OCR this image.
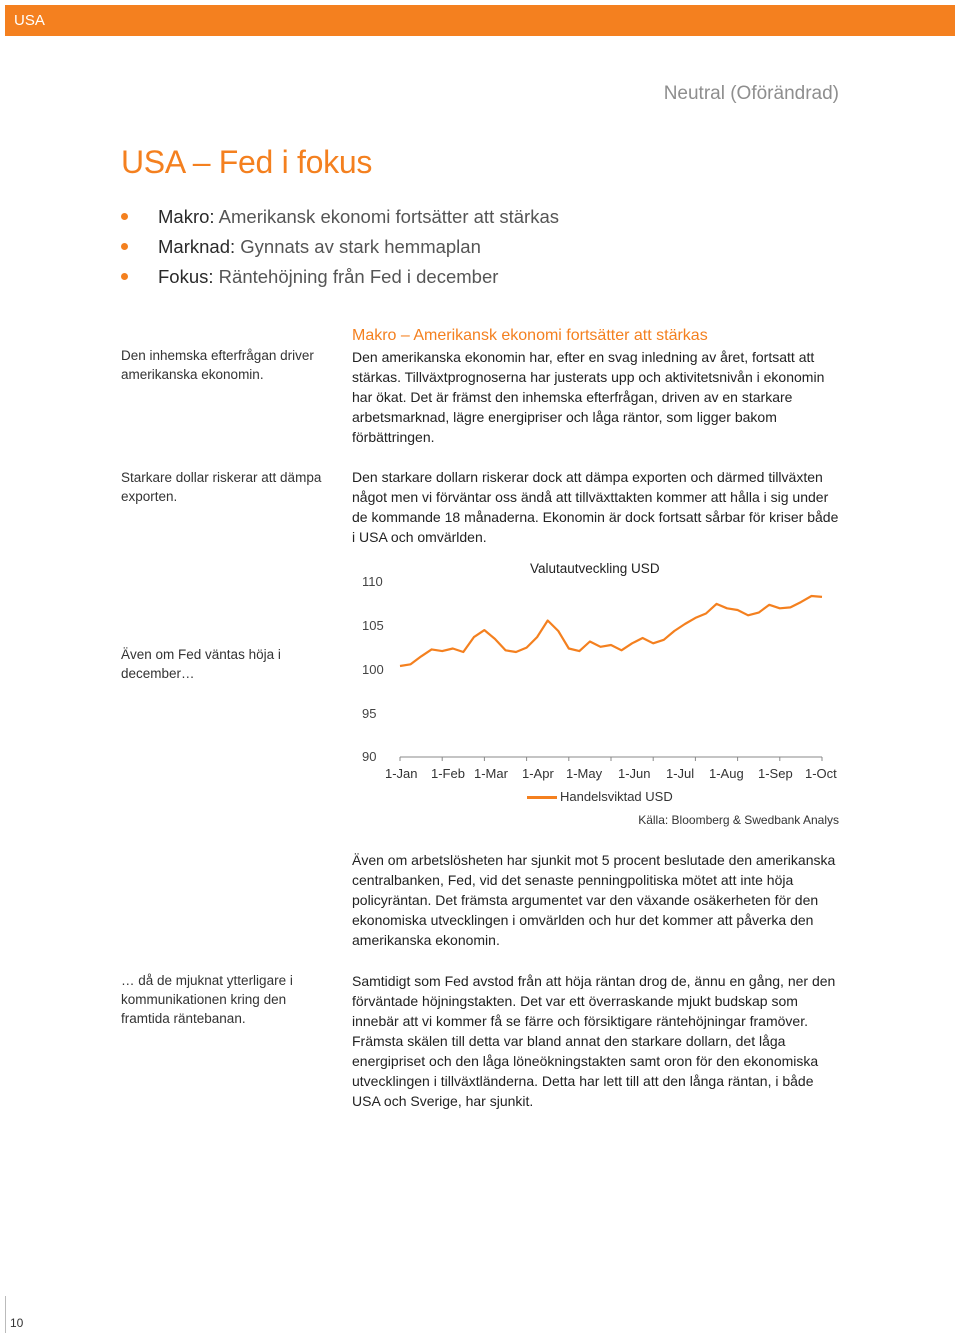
USA
Neutral (Oförändrad)
USA – Fed i fokus
Makro: Amerikansk ekonomi fortsätter att stärkas
Marknad: Gynnats av stark hemmaplan
Fokus: Räntehöjning från Fed i december
Den inhemska efterfrågan driver amerikanska ekonomin.
Starkare dollar riskerar att dämpa exporten.
Även om Fed väntas höja i december…
… då de mjuknat ytterligare i kommunikationen kring den framtida räntebanan.
Makro – Amerikansk ekonomi fortsätter att stärkas

Den amerikanska ekonomin har, efter en svag inledning av året, fortsatt att stärkas. Tillväxtprognoserna har justerats upp och aktivitetsnivån i ekonomin har ökat. Det är främst den inhemska efterfrågan, driven av en starkare arbetsmarknad, lägre energipriser och låga räntor, som ligger bakom förbättringen.

Den starkare dollarn riskerar dock att dämpa exporten och därmed tillväxten något men vi förväntar oss ändå att tillväxttakten kommer att hålla i sig under de kommande 18 månaderna. Ekonomin är dock fortsatt sårbar för kriser både i USA och omvärlden.

Valutautveckling USD
110
105
100
95
90
1-Jan 1-Feb 1-Mar 1-Apr 1-May 1-Jun 1-Jul 1-Aug 1-Sep 1-Oct
Handelsviktad USD
Källa: Bloomberg & Swedbank Analys

Även om arbetslösheten har sjunkit mot 5 procent beslutade den amerikanska centralbanken, Fed, vid det senaste penningpolitiska mötet att inte höja policyräntan. Det främsta argumentet var den växande osäkerheten för den ekonomiska utvecklingen i omvärlden och hur det kommer att påverka den amerikanska ekonomin.

Samtidigt som Fed avstod från att höja räntan drog de, ännu en gång, ner den förväntade höjningstakten. Det var ett överraskande mjukt budskap som innebär att vi kommer få se färre och försiktigare räntehöjningar framöver. Främsta skälen till detta var bland annat den starkare dollarn, det låga energipriset och den låga löneökningstakten samt oron för den ekonomiska utvecklingen i tillväxtländerna. Detta har lett till att den långa räntan, i både USA och Sverige, har sjunkit.

10
